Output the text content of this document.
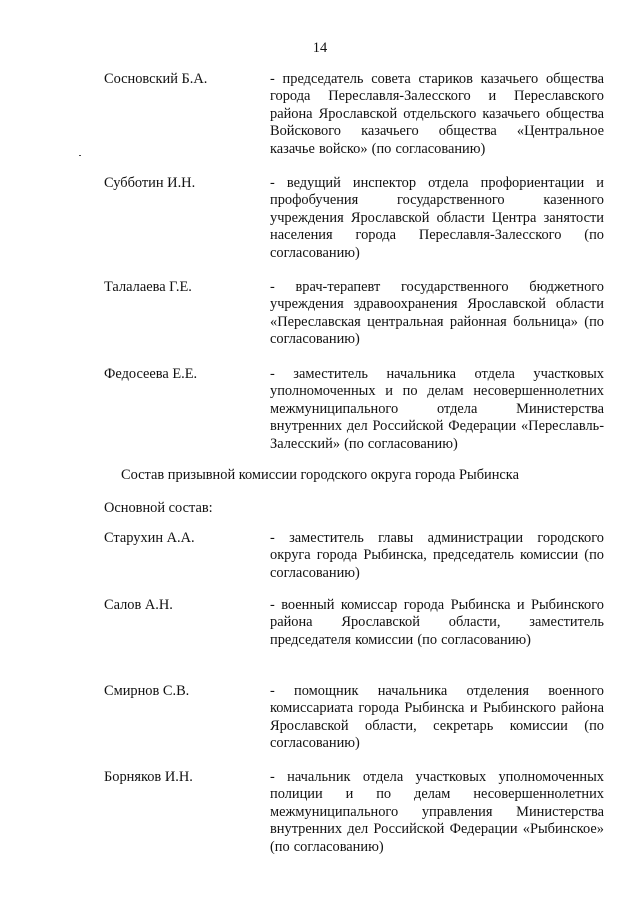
14
Сосновский Б.А.	- председатель совета стариков казачьего общества города Переславля-Залесского и Переславского района Ярославской отдельского казачьего общества Войскового казачьего общества «Центральное казачье войско» (по согласованию)
Субботин И.Н.	- ведущий инспектор отдела профориентации и профобучения государственного казенного учреждения Ярославской области Центра занятости населения города Переславля-Залесского (по согласованию)
Талалаева Г.Е.	- врач-терапевт государственного бюджетного учреждения здравоохранения Ярославской области «Переславская центральная районная больница» (по согласованию)
Федосеева Е.Е.	- заместитель начальника отдела участковых уполномоченных и по делам несовершеннолетних межмуниципального отдела Министерства внутренних дел Российской Федерации «Переславль-Залесский» (по согласованию)
Состав призывной комиссии городского округа города Рыбинска
Основной состав:
Старухин А.А.	- заместитель главы администрации городского округа города Рыбинска, председатель комиссии (по согласованию)
Салов А.Н.	- военный комиссар города Рыбинска и Рыбинского района Ярославской области, заместитель председателя комиссии (по согласованию)
Смирнов С.В.	- помощник начальника отделения военного комиссариата города Рыбинска и Рыбинского района Ярославской области, секретарь комиссии (по согласованию)
Борняков И.Н.	- начальник отдела участковых уполномоченных полиции и по делам несовершеннолетних межмуниципального управления Министерства внутренних дел Российской Федерации «Рыбинское» (по согласованию)
